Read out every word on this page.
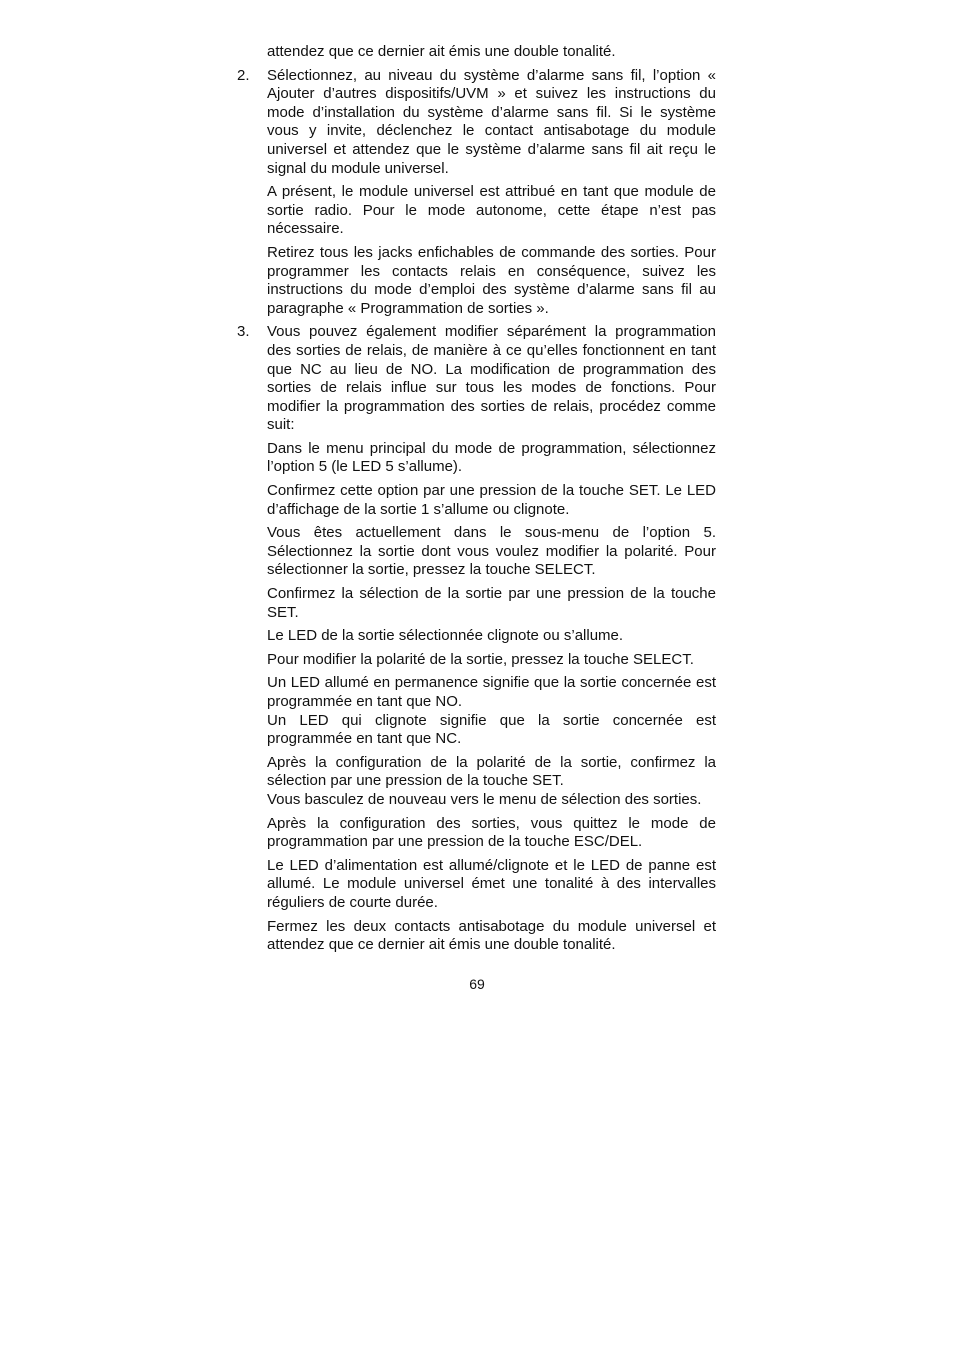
attendez que ce dernier ait émis une double tonalité.

2. Sélectionnez, au niveau du système d’alarme sans fil, l’option « Ajouter d’autres dispositifs/UVM » et suivez les instructions du mode d’installation du système d’alarme sans fil. Si le système vous y invite, déclenchez le contact antisabotage du module universel et attendez que le système d’alarme sans fil ait reçu le signal du module universel.

A présent, le module universel est attribué en tant que module de sortie radio. Pour le mode autonome, cette étape n’est pas nécessaire.

Retirez tous les jacks enfichables de commande des sorties. Pour programmer les contacts relais en conséquence, suivez les instructions du mode d’emploi des système d’alarme sans fil au paragraphe « Programmation de sorties ».

3. Vous pouvez également modifier séparément la programmation des sorties de relais, de manière à ce qu’elles fonctionnent en tant que NC au lieu de NO. La modification de programmation des sorties de relais influe sur tous les modes de fonctions. Pour modifier la programmation des sorties de relais, procédez comme suit:

Dans le menu principal du mode de programmation, sélectionnez l’option 5 (le LED 5 s’allume).

Confirmez cette option par une pression de la touche SET. Le LED d’affichage de la sortie 1 s’allume ou clignote.

Vous êtes actuellement dans le sous-menu de l’option 5. Sélectionnez la sortie dont vous voulez modifier la polarité. Pour sélectionner la sortie, pressez la touche SELECT.

Confirmez la sélection de la sortie par une pression de la touche SET.

Le LED de la sortie sélectionnée clignote ou s’allume.

Pour modifier la polarité de la sortie, pressez la touche SELECT.

Un LED allumé en permanence signifie que la sortie concernée est programmée en tant que NO.
Un LED qui clignote signifie que la sortie concernée est programmée en tant que NC.

Après la configuration de la polarité de la sortie, confirmez la sélection par une pression de la touche SET.
Vous basculez de nouveau vers le menu de sélection des sorties.

Après la configuration des sorties, vous quittez le mode de programmation par une pression de la touche ESC/DEL.

Le LED d’alimentation est allumé/clignote et le LED de panne est allumé. Le module universel émet une tonalité à des intervalles réguliers de courte durée.

Fermez les deux contacts antisabotage du module universel et attendez que ce dernier ait émis une double tonalité.

69
